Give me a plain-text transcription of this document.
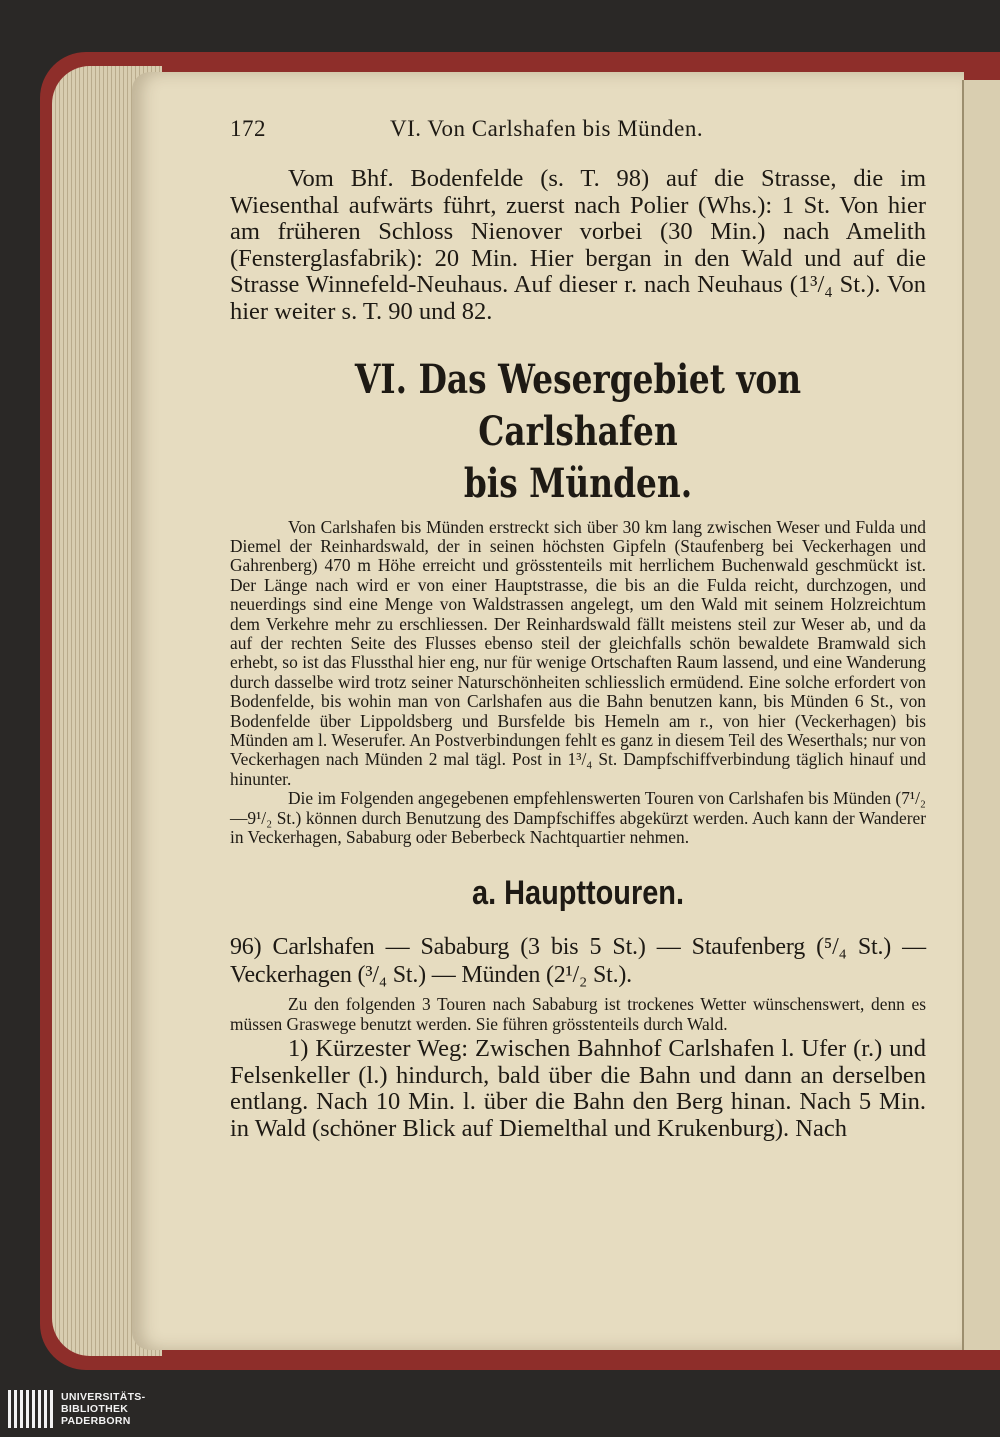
172	VI. Von Carlshafen bis Münden.

Vom Bhf. Bodenfelde (s. T. 98) auf die Strasse, die im Wiesenthal aufwärts führt, zuerst nach Polier (Whs.): 1 St. Von hier am früheren Schloss Nienover vorbei (30 Min.) nach Amelith (Fensterglasfabrik): 20 Min. Hier bergan in den Wald und auf die Strasse Winnefeld-Neuhaus. Auf dieser r. nach Neuhaus (1³/₄ St.). Von hier weiter s. T. 90 und 82.

VI. Das Wesergebiet von Carlshafen
bis Münden.

Von Carlshafen bis Münden erstreckt sich über 30 km lang zwischen Weser und Fulda und Diemel der Reinhardswald, der in seinen höchsten Gipfeln (Staufenberg bei Veckerhagen und Gahrenberg) 470 m Höhe erreicht und grösstenteils mit herrlichem Buchenwald geschmückt ist. Der Länge nach wird er von einer Hauptstrasse, die bis an die Fulda reicht, durchzogen, und neuerdings sind eine Menge von Waldstrassen angelegt, um den Wald mit seinem Holzreichtum dem Verkehre mehr zu erschliessen. Der Reinhardswald fällt meistens steil zur Weser ab, und da auf der rechten Seite des Flusses ebenso steil der gleichfalls schön bewaldete Bramwald sich erhebt, so ist das Flussthal hier eng, nur für wenige Ortschaften Raum lassend, und eine Wanderung durch dasselbe wird trotz seiner Naturschönheiten schliesslich ermüdend. Eine solche erfordert von Bodenfelde, bis wohin man von Carlshafen aus die Bahn benutzen kann, bis Münden 6 St., von Bodenfelde über Lippoldsberg und Bursfelde bis Hemeln am r., von hier (Veckerhagen) bis Münden am l. Weserufer. An Postverbindungen fehlt es ganz in diesem Teil des Weserthals; nur von Veckerhagen nach Münden 2 mal tägl. Post in 1³/₄ St. Dampfschiffverbindung täglich hinauf und hinunter.

Die im Folgenden angegebenen empfehlenswerten Touren von Carlshafen bis Münden (7¹/₂—9¹/₂ St.) können durch Benutzung des Dampfschiffes abgekürzt werden. Auch kann der Wanderer in Veckerhagen, Sababurg oder Beberbeck Nachtquartier nehmen.

a. Haupttouren.

96) Carlshafen — Sababurg (3 bis 5 St.) — Staufenberg (⁵/₄ St.) — Veckerhagen (³/₄ St.) — Münden (2¹/₂ St.).

Zu den folgenden 3 Touren nach Sababurg ist trockenes Wetter wünschenswert, denn es müssen Graswege benutzt werden. Sie führen grösstenteils durch Wald.

1) Kürzester Weg: Zwischen Bahnhof Carlshafen l. Ufer (r.) und Felsenkeller (l.) hindurch, bald über die Bahn und dann an derselben entlang. Nach 10 Min. l. über die Bahn den Berg hinan. Nach 5 Min. in Wald (schöner Blick auf Diemelthal und Krukenburg). Nach

UNIVERSITÄTS-
BIBLIOTHEK
PADERBORN
